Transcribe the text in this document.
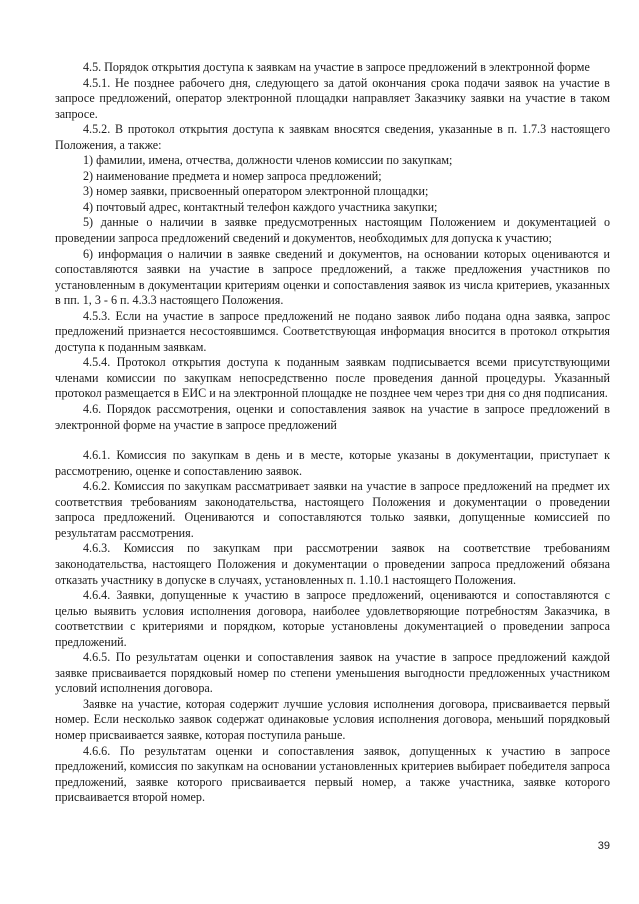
4.5. Порядок открытия доступа к заявкам на участие в запросе предложений в электронной форме

4.5.1. Не позднее рабочего дня, следующего за датой окончания срока подачи заявок на участие в запросе предложений, оператор электронной площадки направляет Заказчику заявки на участие в таком запросе.

4.5.2. В протокол открытия доступа к заявкам вносятся сведения, указанные в п. 1.7.3 настоящего Положения, а также:

1) фамилии, имена, отчества, должности членов комиссии по закупкам;

2) наименование предмета и номер запроса предложений;

3) номер заявки, присвоенный оператором электронной площадки;

4) почтовый адрес, контактный телефон каждого участника закупки;

5) данные о наличии в заявке предусмотренных настоящим Положением и документацией о проведении запроса предложений сведений и документов, необходимых для допуска к участию;

6) информация о наличии в заявке сведений и документов, на основании которых оцениваются и сопоставляются заявки на участие в запросе предложений, а также предложения участников по установленным в документации критериям оценки и сопоставления заявок из числа критериев, указанных в пп. 1, 3 - 6 п. 4.3.3 настоящего Положения.

4.5.3. Если на участие в запросе предложений не подано заявок либо подана одна заявка, запрос предложений признается несостоявшимся. Соответствующая информация вносится в протокол открытия доступа к поданным заявкам.

4.5.4. Протокол открытия доступа к поданным заявкам подписывается всеми присутствующими членами комиссии по закупкам непосредственно после проведения данной процедуры. Указанный протокол размещается в ЕИС и на электронной площадке не позднее чем через три дня со дня подписания.

4.6. Порядок рассмотрения, оценки и сопоставления заявок на участие в запросе предложений в электронной форме на участие в запросе предложений

4.6.1. Комиссия по закупкам в день и в месте, которые указаны в документации, приступает к рассмотрению, оценке и сопоставлению заявок.

4.6.2. Комиссия по закупкам рассматривает заявки на участие в запросе предложений на предмет их соответствия требованиям законодательства, настоящего Положения и документации о проведении запроса предложений. Оцениваются и сопоставляются только заявки, допущенные комиссией по результатам рассмотрения.

4.6.3. Комиссия по закупкам при рассмотрении заявок на соответствие требованиям законодательства, настоящего Положения и документации о проведении запроса предложений обязана отказать участнику в допуске в случаях, установленных п. 1.10.1 настоящего Положения.

4.6.4. Заявки, допущенные к участию в запросе предложений, оцениваются и сопоставляются с целью выявить условия исполнения договора, наиболее удовлетворяющие потребностям Заказчика, в соответствии с критериями и порядком, которые установлены документацией о проведении запроса предложений.

4.6.5. По результатам оценки и сопоставления заявок на участие в запросе предложений каждой заявке присваивается порядковый номер по степени уменьшения выгодности предложенных участником условий исполнения договора.

Заявке на участие, которая содержит лучшие условия исполнения договора, присваивается первый номер. Если несколько заявок содержат одинаковые условия исполнения договора, меньший порядковый номер присваивается заявке, которая поступила раньше.

4.6.6. По результатам оценки и сопоставления заявок, допущенных к участию в запросе предложений, комиссия по закупкам на основании установленных критериев выбирает победителя запроса предложений, заявке которого присваивается первый номер, а также участника, заявке которого присваивается второй номер.

39
